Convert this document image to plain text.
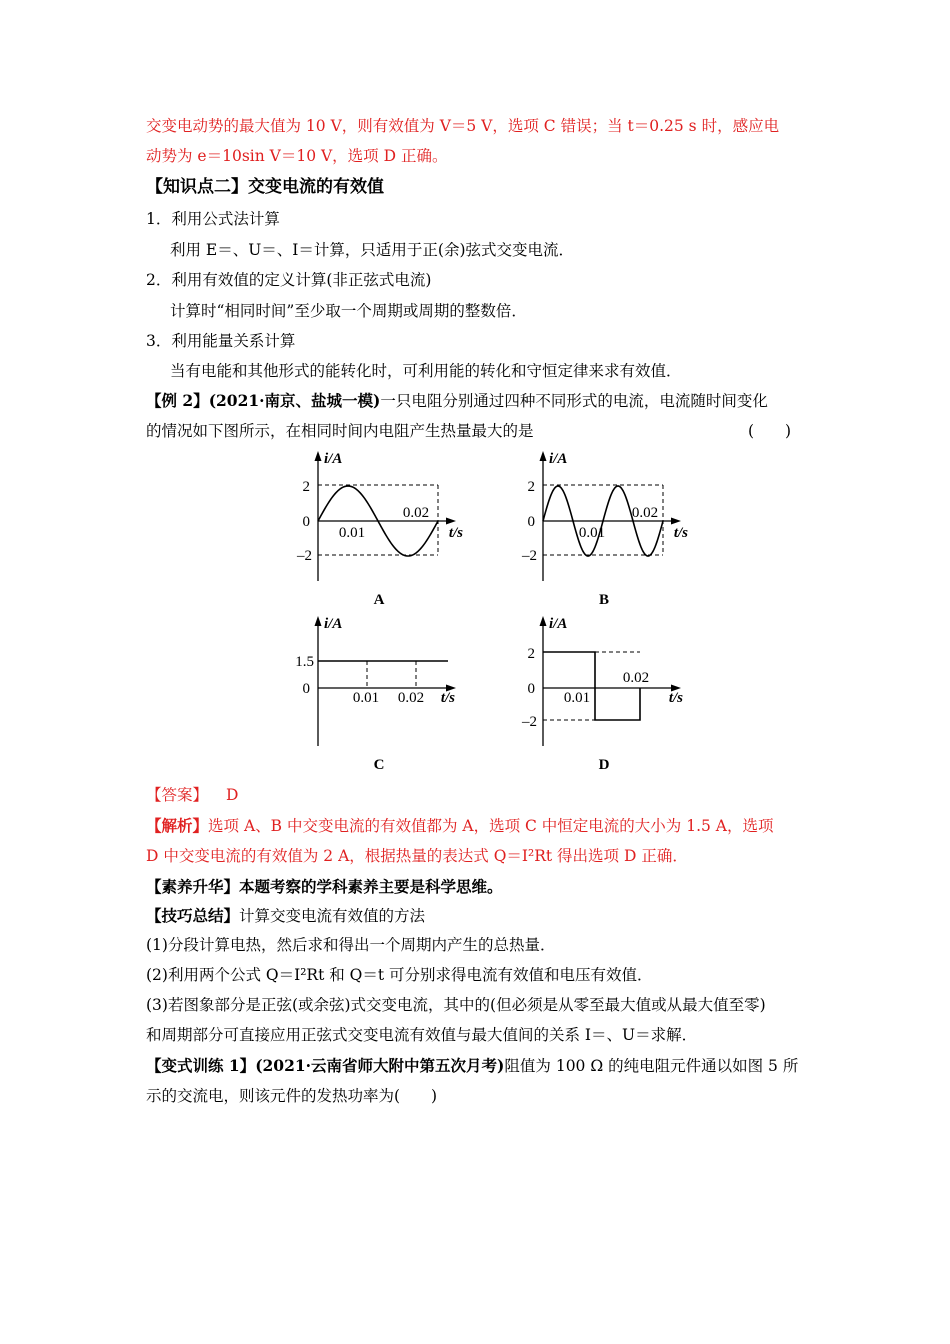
交变电动势的最大值为 10 V，则有效值为 V＝5 V，选项 C 错误；当 t＝0.25 s 时，感应电
动势为 e＝10sin V＝10 V，选项 D 正确。
【知识点二】交变电流的有效值
1．利用公式法计算
利用 E＝、U＝、I＝计算，只适用于正(余)弦式交变电流．
2．利用有效值的定义计算(非正弦式电流)
计算时“相同时间”至少取一个周期或周期的整数倍．
3．利用能量关系计算
当有电能和其他形式的能转化时，可利用能的转化和守恒定律来求有效值．
【例 2】(2021·南京、盐城一模)一只电阻分别通过四种不同形式的电流，电流随时间变化
的情况如下图所示，在相同时间内电阻产生热量最大的是	(　　)
i/A
t/s
2
0
–2
0.01
0.02
A
i/A
t/s
2
0
–2
0.01
0.02
B
i/A
t/s
1.5
0
0.01 0.02
C
i/A
t/s
2
0
–2
0.01
0.02
D
【答案】 D
【解析】选项 A、B 中交变电流的有效值都为 A，选项 C 中恒定电流的大小为 1.5 A，选项
D 中交变电流的有效值为 2 A，根据热量的表达式 Q＝I²Rt 得出选项 D 正确．
【素养升华】本题考察的学科素养主要是科学思维。
【技巧总结】计算交变电流有效值的方法
(1)分段计算电热，然后求和得出一个周期内产生的总热量．
(2)利用两个公式 Q＝I²Rt 和 Q＝t 可分别求得电流有效值和电压有效值．
(3)若图象部分是正弦(或余弦)式交变电流，其中的(但必须是从零至最大值或从最大值至零)
和周期部分可直接应用正弦式交变电流有效值与最大值间的关系 I＝、U＝求解．
【变式训练 1】(2021·云南省师大附中第五次月考)阻值为 100 Ω 的纯电阻元件通以如图 5 所
示的交流电，则该元件的发热功率为(　　)
